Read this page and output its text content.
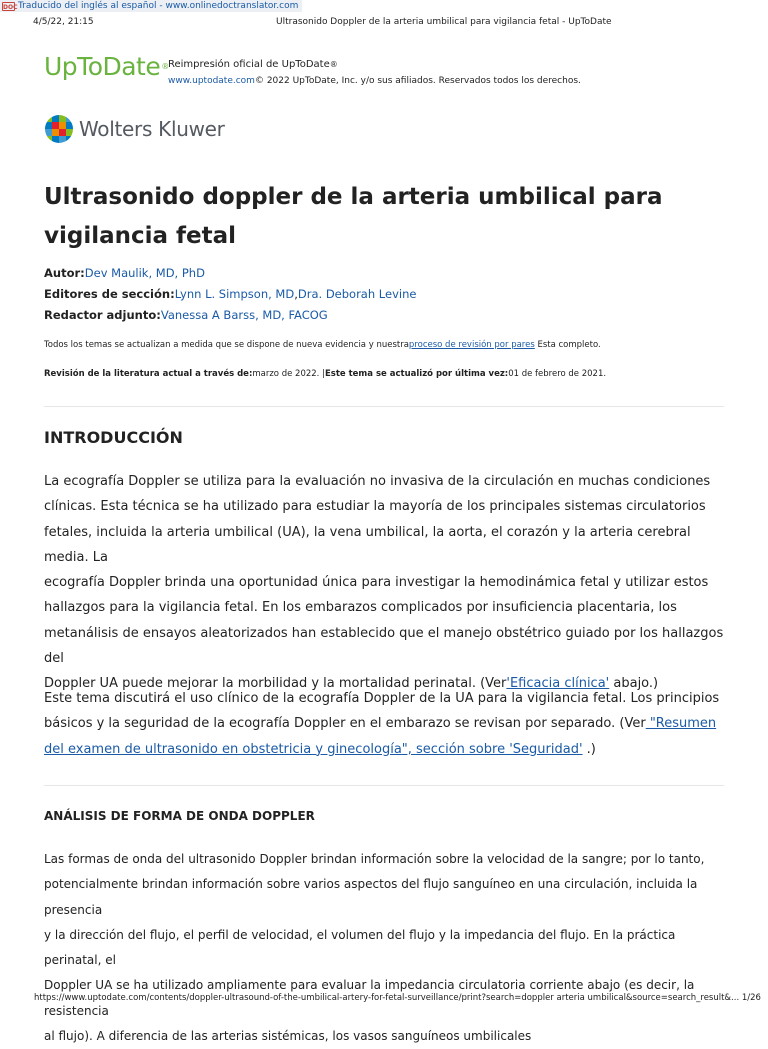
DOC Traducido del inglés al español - www.onlinedoctranslator.com
4/5/22, 21:15	Ultrasonido Doppler de la arteria umbilical para vigilancia fetal - UpToDate
UpToDate® Reimpresión oficial de UpToDate®
www.uptodate.com© 2022 UpToDate, Inc. y/o sus afiliados. Reservados todos los derechos.
Wolters Kluwer
Ultrasonido doppler de la arteria umbilical para
vigilancia fetal
Autor:Dev Maulik, MD, PhD
Editores de sección:Lynn L. Simpson, MD,Dra. Deborah Levine
Redactor adjunto:Vanessa A Barss, MD, FACOG
Todos los temas se actualizan a medida que se dispone de nueva evidencia y nuestraproceso de revisión por pares Esta completo.
Revisión de la literatura actual a través de:marzo de 2022. |Este tema se actualizó por última vez:01 de febrero de 2021.
INTRODUCCIÓN

La ecografía Doppler se utiliza para la evaluación no invasiva de la circulación en muchas condiciones

clínicas. Esta técnica se ha utilizado para estudiar la mayoría de los principales sistemas circulatorios

fetales, incluida la arteria umbilical (UA), la vena umbilical, la aorta, el corazón y la arteria cerebral media. La

ecografía Doppler brinda una oportunidad única para investigar la hemodinámica fetal y utilizar estos

hallazgos para la vigilancia fetal. En los embarazos complicados por insuficiencia placentaria, los

metanálisis de ensayos aleatorizados han establecido que el manejo obstétrico guiado por los hallazgos del

Doppler UA puede mejorar la morbilidad y la mortalidad perinatal. (Ver'Eficacia clínica' abajo.)

Este tema discutirá el uso clínico de la ecografía Doppler de la UA para la vigilancia fetal. Los principios

básicos y la seguridad de la ecografía Doppler en el embarazo se revisan por separado. (Ver "Resumen

del examen de ultrasonido en obstetricia y ginecología", sección sobre 'Seguridad' .)

ANÁLISIS DE FORMA DE ONDA DOPPLER

Las formas de onda del ultrasonido Doppler brindan información sobre la velocidad de la sangre; por lo tanto,

potencialmente brindan información sobre varios aspectos del flujo sanguíneo en una circulación, incluida la presencia

y la dirección del flujo, el perfil de velocidad, el volumen del flujo y la impedancia del flujo. En la práctica perinatal, el

Doppler UA se ha utilizado ampliamente para evaluar la impedancia circulatoria corriente abajo (es decir, la resistencia

al flujo). A diferencia de las arterias sistémicas, los vasos sanguíneos umbilicales

https://www.uptodate.com/contents/doppler-ultrasound-of-the-umbilical-artery-for-fetal-surveillance/print?search=doppler arteria umbilical&source=search_result&... 1/26
